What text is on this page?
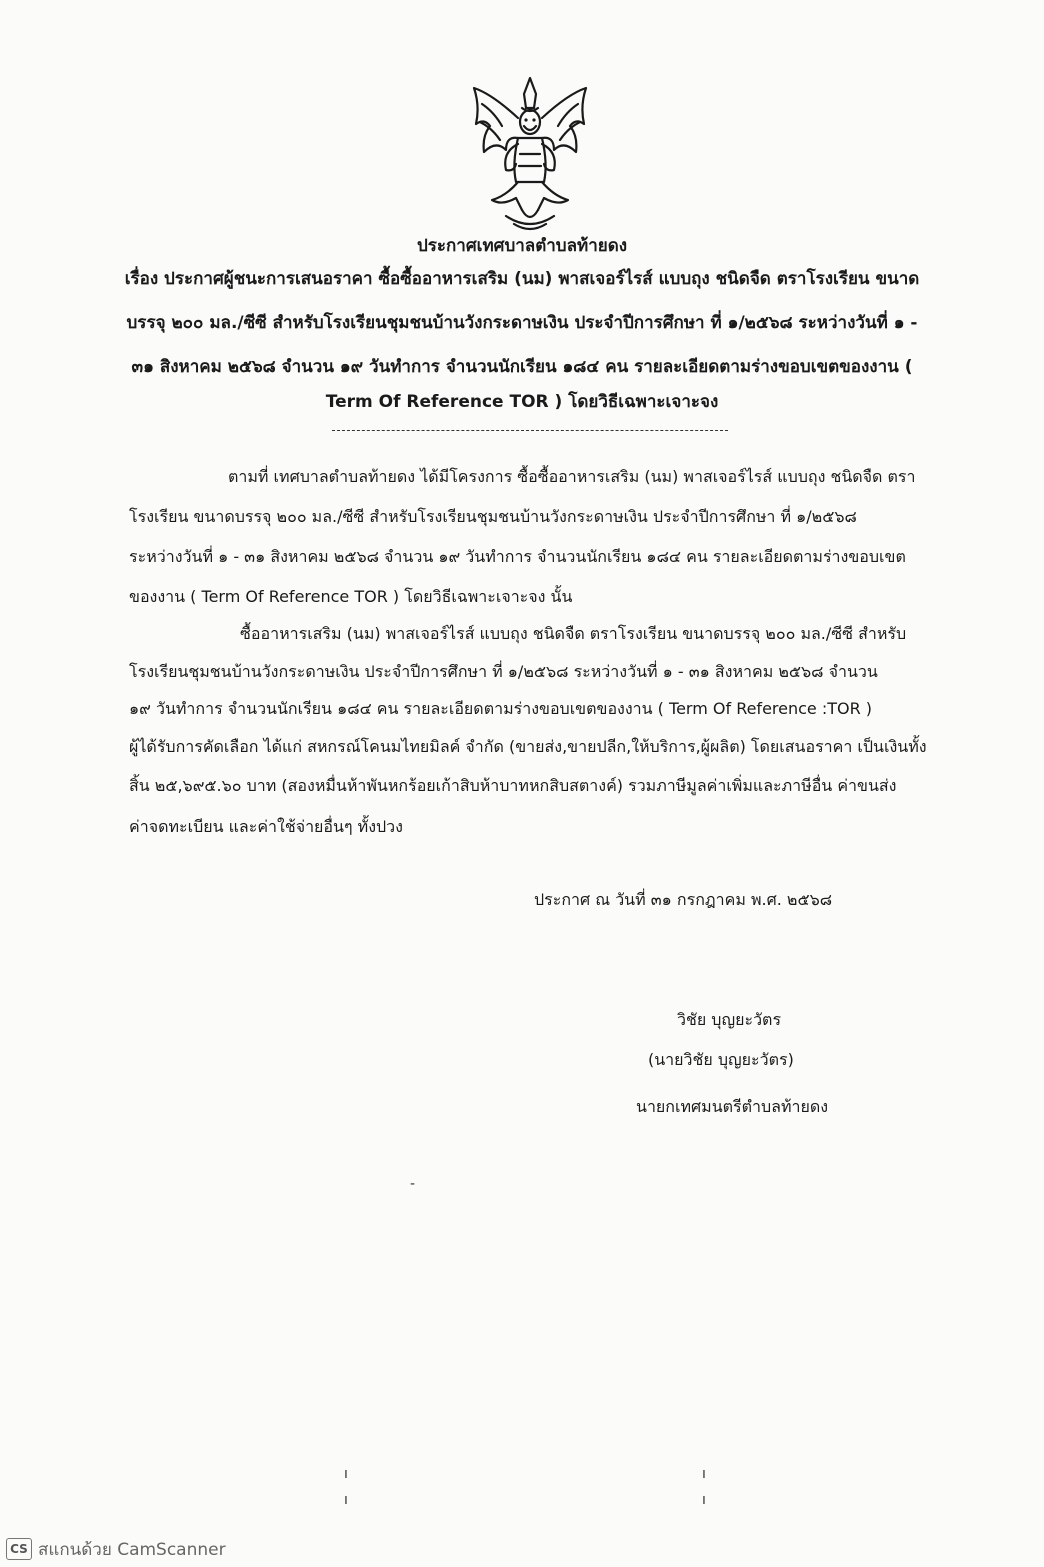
ประกาศเทศบาลตำบลท้ายดง
เรื่อง ประกาศผู้ชนะการเสนอราคา ซื้อซื้ออาหารเสริม (นม) พาสเจอร์ไรส์ แบบถุง ชนิดจืด ตราโรงเรียน ขนาด
บรรจุ ๒๐๐ มล./ซีซี สำหรับโรงเรียนชุมชนบ้านวังกระดาษเงิน ประจำปีการศึกษา ที่ ๑/๒๕๖๘ ระหว่างวันที่ ๑ -
๓๑ สิงหาคม ๒๕๖๘ จำนวน ๑๙ วันทำการ จำนวนนักเรียน ๑๘๔ คน รายละเอียดตามร่างขอบเขตของงาน (
Term Of Reference TOR ) โดยวิธีเฉพาะเจาะจง
ตามที่ เทศบาลตำบลท้ายดง ได้มีโครงการ ซื้อซื้ออาหารเสริม (นม) พาสเจอร์ไรส์ แบบถุง ชนิดจืด ตรา
โรงเรียน ขนาดบรรจุ ๒๐๐ มล./ซีซี สำหรับโรงเรียนชุมชนบ้านวังกระดาษเงิน ประจำปีการศึกษา ที่ ๑/๒๕๖๘
ระหว่างวันที่ ๑ - ๓๑ สิงหาคม ๒๕๖๘ จำนวน ๑๙ วันทำการ จำนวนนักเรียน ๑๘๔ คน รายละเอียดตามร่างขอบเขต
ของงาน ( Term Of Reference TOR ) โดยวิธีเฉพาะเจาะจง นั้น
ซื้ออาหารเสริม (นม) พาสเจอร์ไรส์ แบบถุง ชนิดจืด ตราโรงเรียน ขนาดบรรจุ ๒๐๐ มล./ซีซี สำหรับ
โรงเรียนชุมชนบ้านวังกระดาษเงิน ประจำปีการศึกษา ที่ ๑/๒๕๖๘ ระหว่างวันที่ ๑ - ๓๑ สิงหาคม ๒๕๖๘ จำนวน
๑๙ วันทำการ จำนวนนักเรียน ๑๘๔ คน รายละเอียดตามร่างขอบเขตของงาน ( Term Of Reference :TOR )
ผู้ได้รับการคัดเลือก ได้แก่ สหกรณ์โคนมไทยมิลค์ จำกัด (ขายส่ง,ขายปลีก,ให้บริการ,ผู้ผลิต) โดยเสนอราคา เป็นเงินทั้ง
สิ้น ๒๕,๖๙๕.๖๐ บาท (สองหมื่นห้าพันหกร้อยเก้าสิบห้าบาทหกสิบสตางค์) รวมภาษีมูลค่าเพิ่มและภาษีอื่น ค่าขนส่ง
ค่าจดทะเบียน และค่าใช้จ่ายอื่นๆ ทั้งปวง
ประกาศ ณ วันที่ ๓๑ กรกฎาคม พ.ศ. ๒๕๖๘
วิชัย บุญยะวัตร
(นายวิชัย บุญยะวัตร)
นายกเทศมนตรีตำบลท้ายดง
ı
ı
ı
ı
-
CS สแกนด้วย CamScanner
